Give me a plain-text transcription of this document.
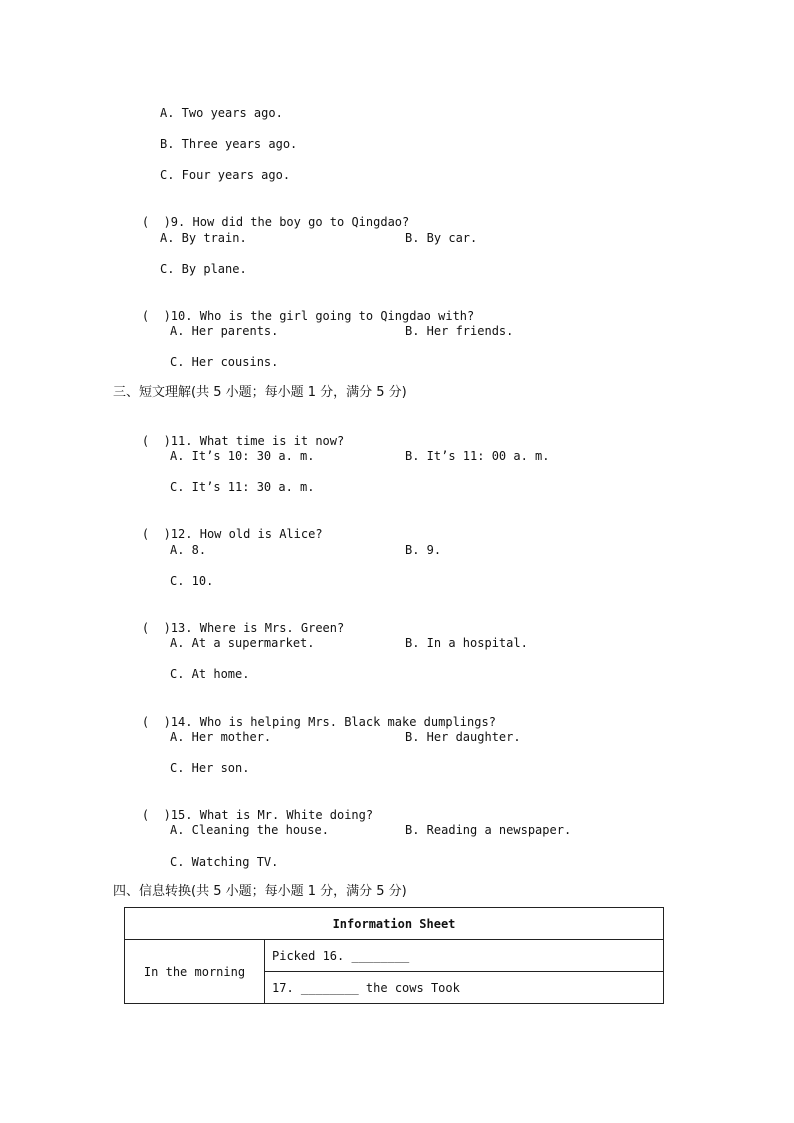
A. Two years ago.
B. Three years ago.
C. Four years ago.

(  )9. How did the boy go to Qingdao?

A. By train.	B. By car.
C. By plane.

(  )10. Who is the girl going to Qingdao with?

A. Her parents.	B. Her friends.
C. Her cousins.
三、短文理解(共 5 小题；每小题 1 分，满分 5 分)

(  )11. What time is it now?

A. It’s 10: 30 a. m.	B. It’s 11: 00 a. m.
C. It’s 11: 30 a. m.

(  )12. How old is Alice?

A. 8.	B. 9.
C. 10.

(  )13. Where is Mrs. Green?

A. At a supermarket.	B. In a hospital.
C. At home.

(  )14. Who is helping Mrs. Black make dumplings?

A. Her mother.	B. Her daughter.
C. Her son.

(  )15. What is Mr. White doing?

A. Cleaning the house.	B. Reading a newspaper.
C. Watching TV.
四、信息转换(共 5 小题；每小题 1 分，满分 5 分)
Information Sheet
In the morning	Picked 16. ________
17. ________ the cows Took
